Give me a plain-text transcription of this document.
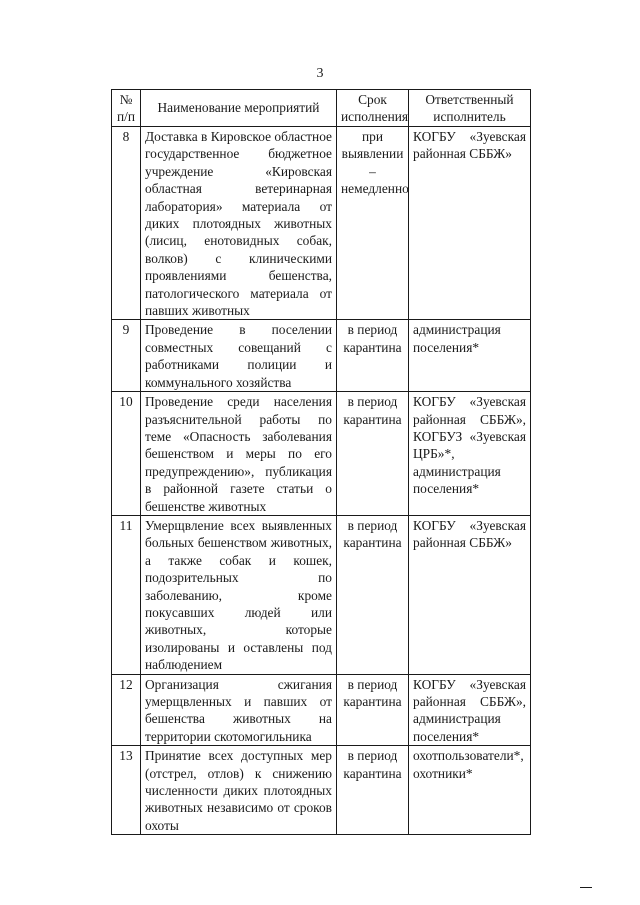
3
№ п/п	Наименование мероприятий	Срок исполнения	Ответственный исполнитель
8	Доставка в Кировское областное государственное бюджетное учреждение «Кировская областная ветеринарная лаборатория» материала от диких плотоядных животных (лисиц, енотовидных собак, волков) с клиническими проявлениями бешенства, патологического материала от павших животных	при выявлении – немедленно	КОГБУ «Зуевская районная СББЖ»
9	Проведение в поселении совместных совещаний с работниками полиции и коммунального хозяйства	в период карантина	администрация поселения*
10	Проведение среди населения разъяснительной работы по теме «Опасность заболевания бешенством и меры по его предупреждению», публикация в районной газете статьи о бешенстве животных	в период карантина	КОГБУ «Зуевская районная СББЖ», КОГБУЗ «Зуевская ЦРБ»*, администрация поселения*
11	Умерщвление всех выявленных больных бешенством животных, а также собак и кошек, подозрительных по заболеванию, кроме покусавших людей или животных, которые изолированы и оставлены под наблюдением	в период карантина	КОГБУ «Зуевская районная СББЖ»
12	Организация сжигания умерщвленных и павших от бешенства животных на территории скотомогильника	в период карантина	КОГБУ «Зуевская районная СББЖ», администрация поселения*
13	Принятие всех доступных мер (отстрел, отлов) к снижению численности диких плотоядных животных независимо от сроков охоты	в период карантина	охотпользователи*, охотники*
